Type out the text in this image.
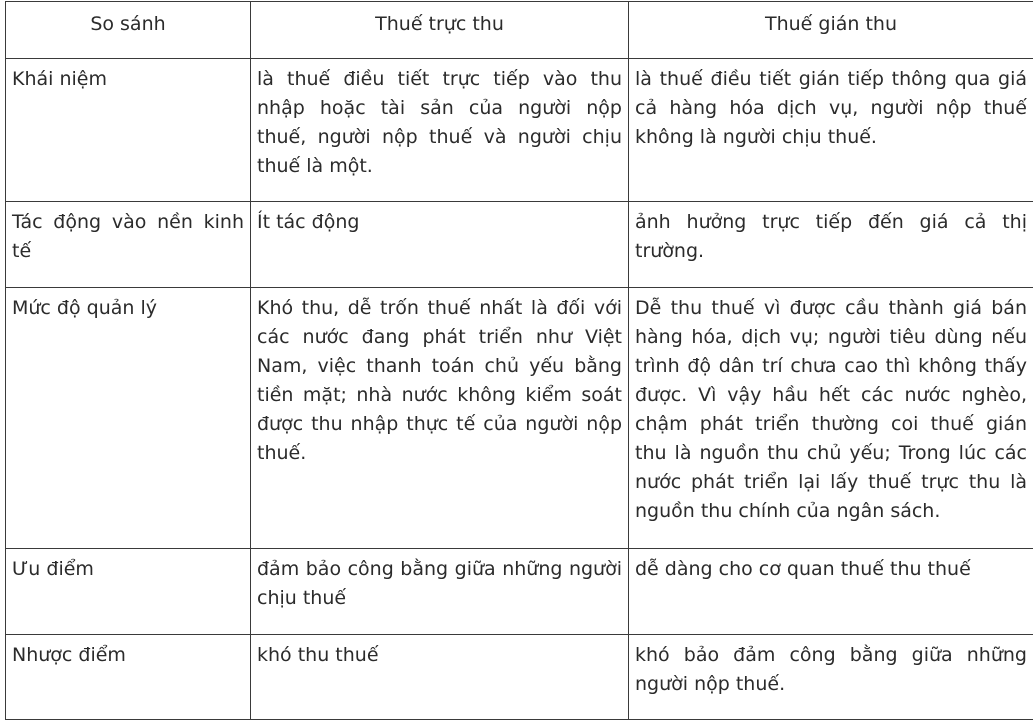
So sánh	Thuế trực thu	Thuế gián thu
Khái niệm	là thuế điều tiết trực tiếp vào thu nhập hoặc tài sản của người nộp thuế, người nộp thuế và người chịu thuế là một.	là thuế điều tiết gián tiếp thông qua giá cả hàng hóa dịch vụ, người nộp thuế không là người chịu thuế.
Tác động vào nền kinh tế	Ít tác động	ảnh hưởng trực tiếp đến giá cả thị trường.
Mức độ quản lý	Khó thu, dễ trốn thuế nhất là đối với các nước đang phát triển như Việt Nam, việc thanh toán chủ yếu bằng tiền mặt; nhà nước không kiểm soát được thu nhập thực tế của người nộp thuế.	Dễ thu thuế vì được cầu thành giá bán hàng hóa, dịch vụ; người tiêu dùng nếu trình độ dân trí chưa cao thì không thấy được. Vì vậy hầu hết các nước nghèo, chậm phát triển thường coi thuế gián thu là nguồn thu chủ yếu; Trong lúc các nước phát triển lại lấy thuế trực thu là nguồn thu chính của ngân sách.
Ưu điểm	đảm bảo công bằng giữa những người chịu thuế	dễ dàng cho cơ quan thuế thu thuế
Nhược điểm	khó thu thuế	khó bảo đảm công bằng giữa những người nộp thuế.
